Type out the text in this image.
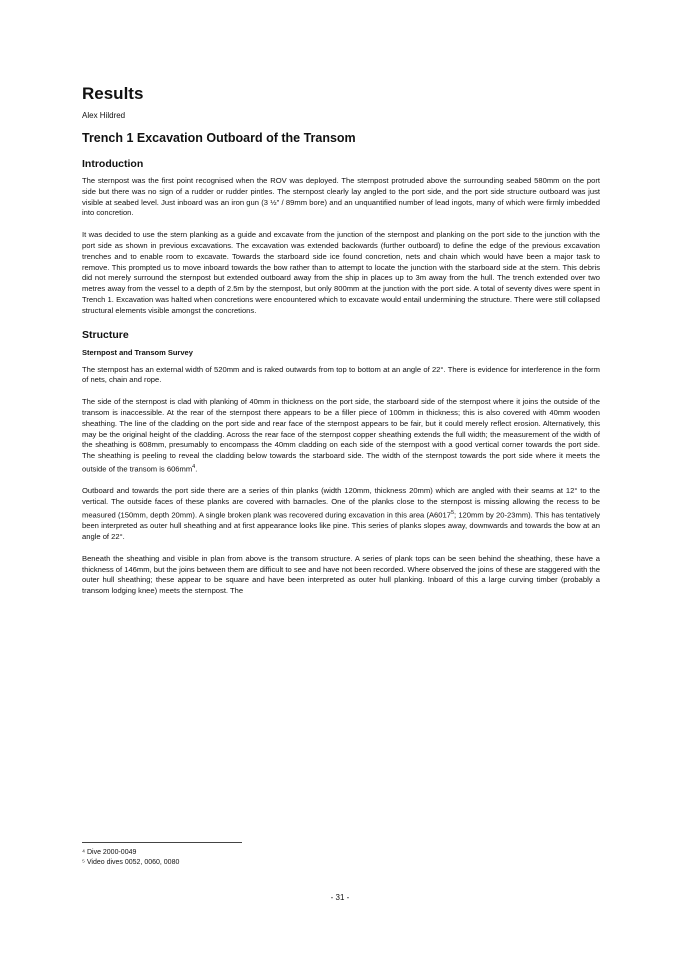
Results
Alex Hildred
Trench 1 Excavation Outboard of the Transom
Introduction

The sternpost was the first point recognised when the ROV was deployed. The sternpost protruded above the surrounding seabed 580mm on the port side but there was no sign of a rudder or rudder pintles. The sternpost clearly lay angled to the port side, and the port side structure outboard was just visible at seabed level. Just inboard was an iron gun (3 ½" / 89mm bore) and an unquantified number of lead ingots, many of which were firmly imbedded into concretion.

It was decided to use the stern planking as a guide and excavate from the junction of the sternpost and planking on the port side to the junction with the port side as shown in previous excavations. The excavation was extended backwards (further outboard) to define the edge of the previous excavation trenches and to enable room to excavate. Towards the starboard side ice found concretion, nets and chain which would have been a major task to remove. This prompted us to move inboard towards the bow rather than to attempt to locate the junction with the starboard side at the stern. This debris did not merely surround the sternpost but extended outboard away from the ship in places up to 3m away from the hull. The trench extended over two metres away from the vessel to a depth of 2.5m by the sternpost, but only 800mm at the junction with the port side. A total of seventy dives were spent in Trench 1. Excavation was halted when concretions were encountered which to excavate would entail undermining the structure. There were still collapsed structural elements visible amongst the concretions.

Structure
Sternpost and Transom Survey

The sternpost has an external width of 520mm and is raked outwards from top to bottom at an angle of 22°. There is evidence for interference in the form of nets, chain and rope.

The side of the sternpost is clad with planking of 40mm in thickness on the port side, the starboard side of the sternpost where it joins the outside of the transom is inaccessible. At the rear of the sternpost there appears to be a filler piece of 100mm in thickness; this is also covered with 40mm wooden sheathing. The line of the cladding on the port side and rear face of the sternpost appears to be fair, but it could merely reflect erosion. Alternatively, this may be the original height of the cladding. Across the rear face of the sternpost copper sheathing extends the full width; the measurement of the width of the sheathing is 608mm, presumably to encompass the 40mm cladding on each side of the sternpost with a good vertical corner towards the port side. The sheathing is peeling to reveal the cladding below towards the starboard side. The width of the sternpost towards the port side where it meets the outside of the transom is $606mm^4$.

Outboard and towards the port side there are a series of thin planks (width 120mm, thickness 20mm) which are angled with their seams at 12° to the vertical. The outside faces of these planks are covered with barnacles. One of the planks close to the sternpost is missing allowing the recess to be measured (150mm, depth 20mm). A single broken plank was recovered during excavation in this area (A6017$^5$; 120mm by 20-23mm). This has tentatively been interpreted as outer hull sheathing and at first appearance looks like pine. This series of planks slopes away, downwards and towards the bow at an angle of 22°.

Beneath the sheathing and visible in plan from above is the transom structure. A series of plank tops can be seen behind the sheathing, these have a thickness of 146mm, but the joins between them are difficult to see and have not been recorded. Where observed the joins of these are staggered with the outer hull sheathing; these appear to be square and have been interpreted as outer hull planking. Inboard of this a large curving timber (probably a transom lodging knee) meets the sternpost. The

⁴ Dive 2000-0049
⁵ Video dives 0052, 0060, 0080
- 31 -
